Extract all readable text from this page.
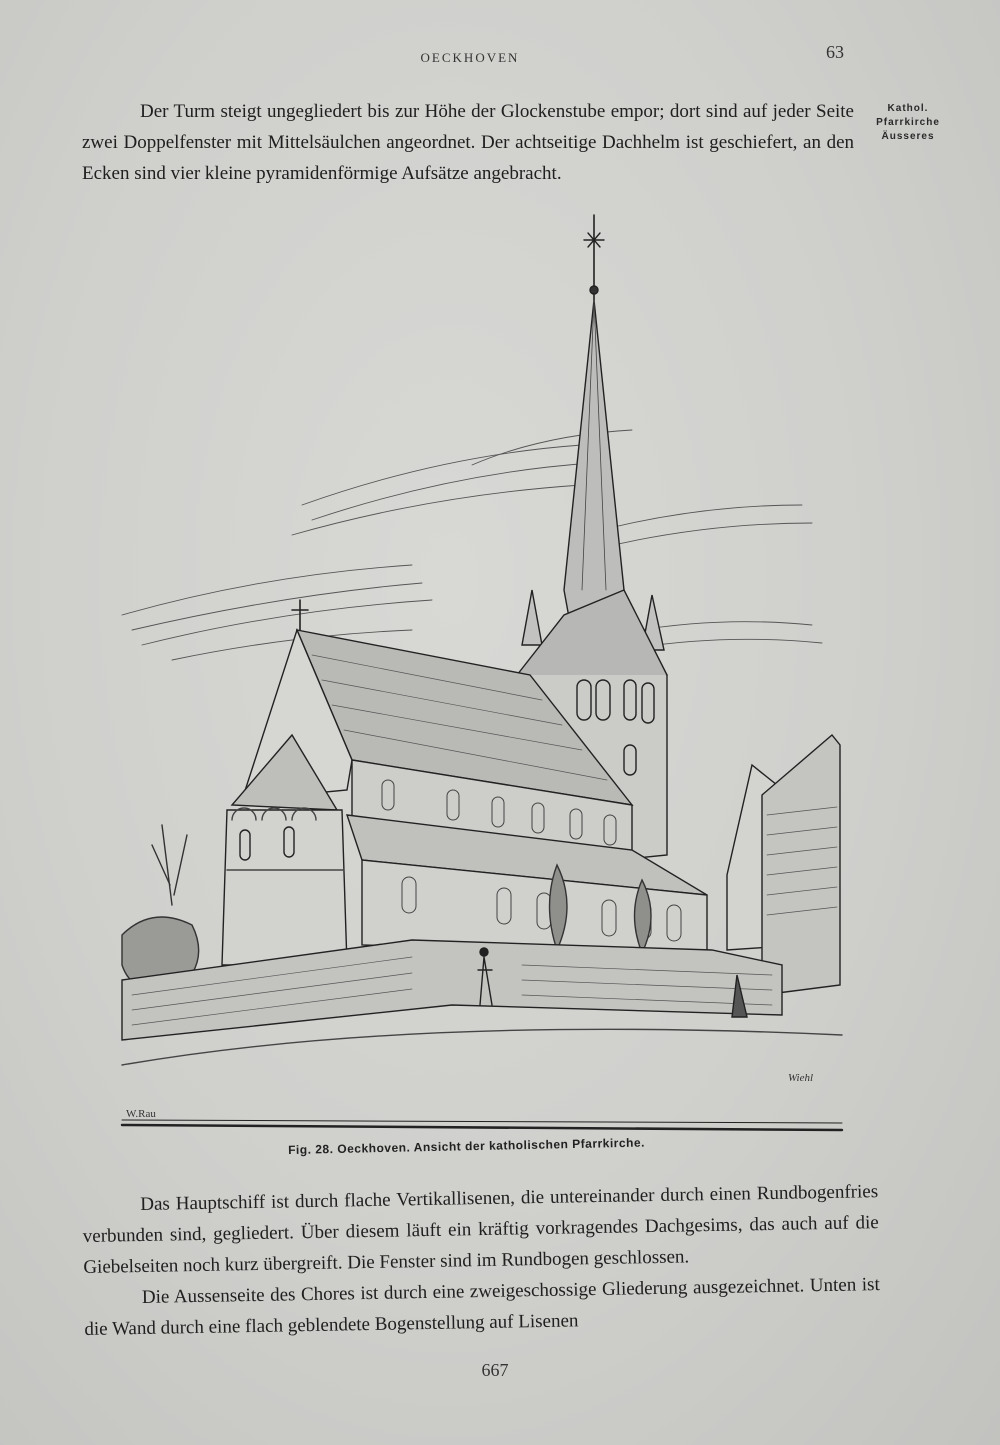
OECKHOVEN	63
Kathol.
Pfarrkirche
Äusseres

Der Turm steigt ungegliedert bis zur Höhe der Glockenstube empor; dort sind auf jeder Seite zwei Doppelfenster mit Mittelsäulchen angeordnet. Der achtseitige Dachhelm ist geschiefert, an den Ecken sind vier kleine pyramidenförmige Aufsätze angebracht.

W.Rau
Wiehl
Fig. 28. Oeckhoven. Ansicht der katholischen Pfarrkirche.

Das Hauptschiff ist durch flache Vertikallisenen, die untereinander durch einen Rundbogenfries verbunden sind, gegliedert. Über diesem läuft ein kräftig vorkragendes Dachgesims, das auch auf die Giebelseiten noch kurz übergreift. Die Fenster sind im Rundbogen geschlossen.

Die Aussenseite des Chores ist durch eine zweigeschossige Gliederung ausgezeichnet. Unten ist die Wand durch eine flach geblendete Bogenstellung auf Lisenen

667
